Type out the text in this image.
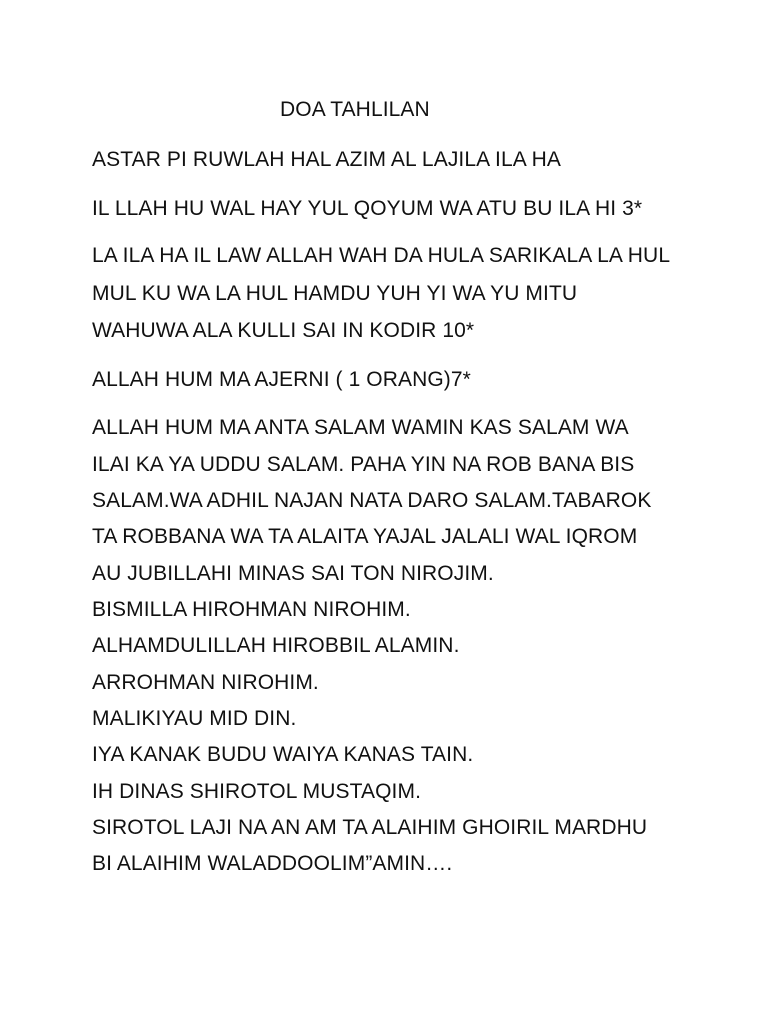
DOA TAHLILAN

ASTAR PI RUWLAH HAL AZIM AL LAJILA ILA HA

IL LLAH HU WAL HAY YUL QOYUM WA ATU BU ILA HI 3*

LA ILA HA IL LAW ALLAH WAH DA HULA SARIKALA LA HUL

MUL KU WA LA HUL HAMDU YUH YI WA YU MITU

WAHUWA ALA KULLI SAI IN KODIR 10*

ALLAH HUM MA AJERNI ( 1 ORANG)7*

ALLAH HUM MA ANTA SALAM WAMIN KAS SALAM WA

ILAI KA YA UDDU SALAM. PAHA YIN NA ROB BANA BIS

SALAM.WA ADHIL NAJAN NATA DARO SALAM.TABAROK

TA ROBBANA WA TA ALAITA YAJAL JALALI WAL IQROM

AU JUBILLAHI MINAS SAI TON NIROJIM.

BISMILLA HIROHMAN NIROHIM.

ALHAMDULILLAH HIROBBIL ALAMIN.

ARROHMAN NIROHIM.

MALIKIYAU MID DIN.

IYA KANAK BUDU WAIYA KANAS TAIN.

IH DINAS SHIROTOL MUSTAQIM.

SIROTOL LAJI NA AN AM TA ALAIHIM GHOIRIL MARDHU

BI ALAIHIM WALADDOOLIM”AMIN….
